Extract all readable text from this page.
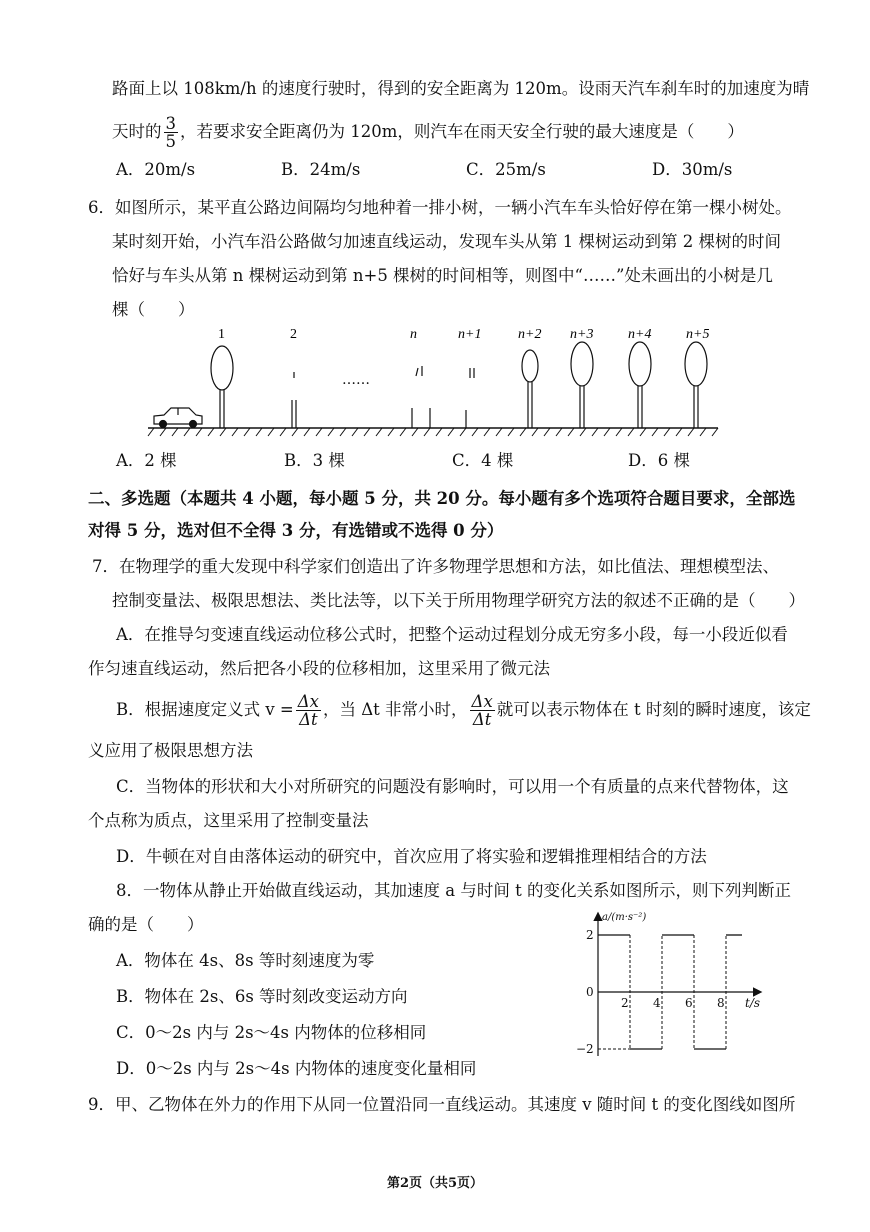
路面上以 108km/h 的速度行驶时，得到的安全距离为 120m。设雨天汽车刹车时的加速度为晴
天时的 $\frac{3}{5}$ ，若要求安全距离仍为 120m，则汽车在雨天安全行驶的最大速度是（　　）
A．20m/s	B．24m/s	C．25m/s	D．30m/s
6．如图所示，某平直公路边间隔均匀地种着一排小树，一辆小汽车车头恰好停在第一棵小树处。
某时刻开始，小汽车沿公路做匀加速直线运动，发现车头从第 1 棵树运动到第 2 棵树的时间
恰好与车头从第 n 棵树运动到第 n+5 棵树的时间相等，则图中“……”处未画出的小树是几
棵（　　）
……
1	2	n	n+1	n+2 n+3 n+4 n+5
A．2 棵	B．3 棵	C．4 棵	D．6 棵
二、多选题（本题共 4 小题，每小题 5 分，共 20 分。每小题有多个选项符合题目要求，全部选
对得 5 分，选对但不全得 3 分，有选错或不选得 0 分）
7．在物理学的重大发现中科学家们创造出了许多物理学思想和方法，如比值法、理想模型法、
控制变量法、极限思想法、类比法等，以下关于所用物理学研究方法的叙述不正确的是（　　）
A．在推导匀变速直线运动位移公式时，把整个运动过程划分成无穷多小段，每一小段近似看
作匀速直线运动，然后把各小段的位移相加，这里采用了微元法
B．根据速度定义式 $v = \frac{\Delta x}{\Delta t}$ ，当 Δt 非常小时， $\frac{\Delta x}{\Delta t}$ 就可以表示物体在 t 时刻的瞬时速度，该定
义应用了极限思想方法
C．当物体的形状和大小对所研究的问题没有影响时，可以用一个有质量的点来代替物体，这
个点称为质点，这里采用了控制变量法
D．牛顿在对自由落体运动的研究中，首次应用了将实验和逻辑推理相结合的方法
8．一物体从静止开始做直线运动，其加速度 a 与时间 t 的变化关系如图所示，则下列判断正
确的是（　　）
A．物体在 4s、8s 等时刻速度为零
B．物体在 2s、6s 等时刻改变运动方向
C．0～2s 内与 2s～4s 内物体的位移相同
D．0～2s 内与 2s～4s 内物体的速度变化量相同
a/(m·s⁻²)
t/s
2
0
−2
2 4 6 8
9．甲、乙物体在外力的作用下从同一位置沿同一直线运动。其速度 v 随时间 t 的变化图线如图所
第2页（共5页）
